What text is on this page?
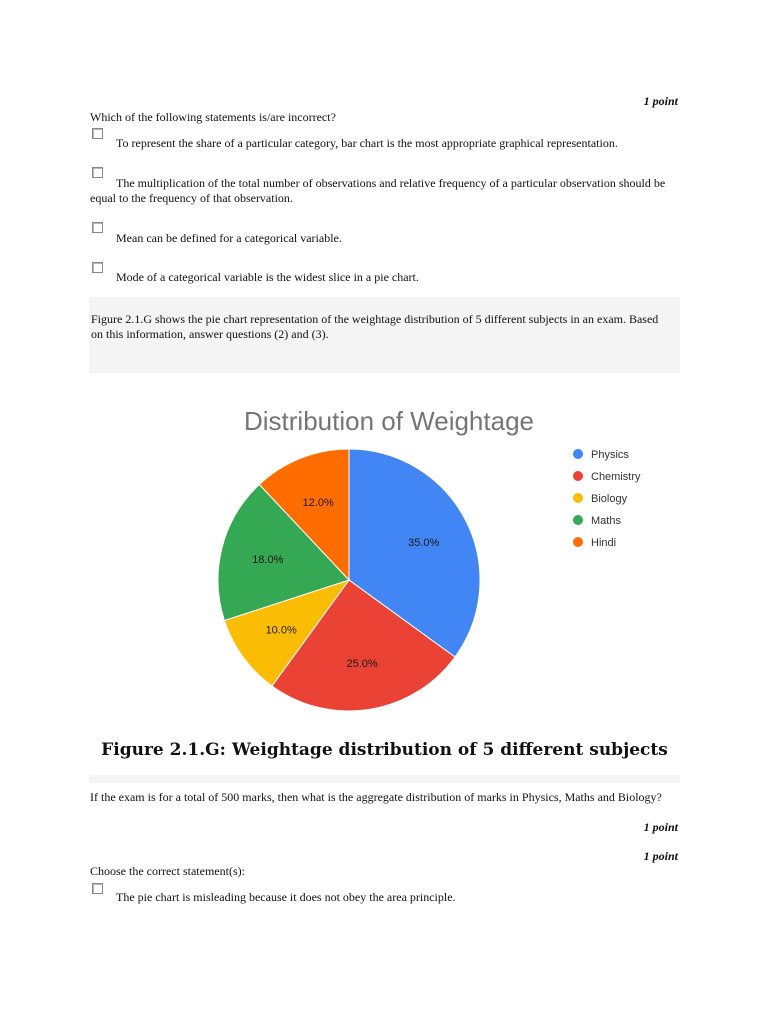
1 point
Which of the following statements is/are incorrect?
To represent the share of a particular category, bar chart is the most appropriate graphical representation.
The multiplication of the total number of observations and relative frequency of a particular observation should be equal to the frequency of that observation.
Mean can be defined for a categorical variable.
Mode of a categorical variable is the widest slice in a pie chart.
Figure 2.1.G shows the pie chart representation of the weightage distribution of 5 different subjects in an exam. Based on this information, answer questions (2) and (3).
Distribution of Weightage
35.0%
25.0%
10.0%
18.0%
12.0%
Physics
Chemistry
Biology
Maths
Hindi
Figure 2.1.G: Weightage distribution of 5 different subjects
If the exam is for a total of 500 marks, then what is the aggregate distribution of marks in Physics, Maths and Biology?
1 point
1 point
Choose the correct statement(s):
The pie chart is misleading because it does not obey the area principle.
